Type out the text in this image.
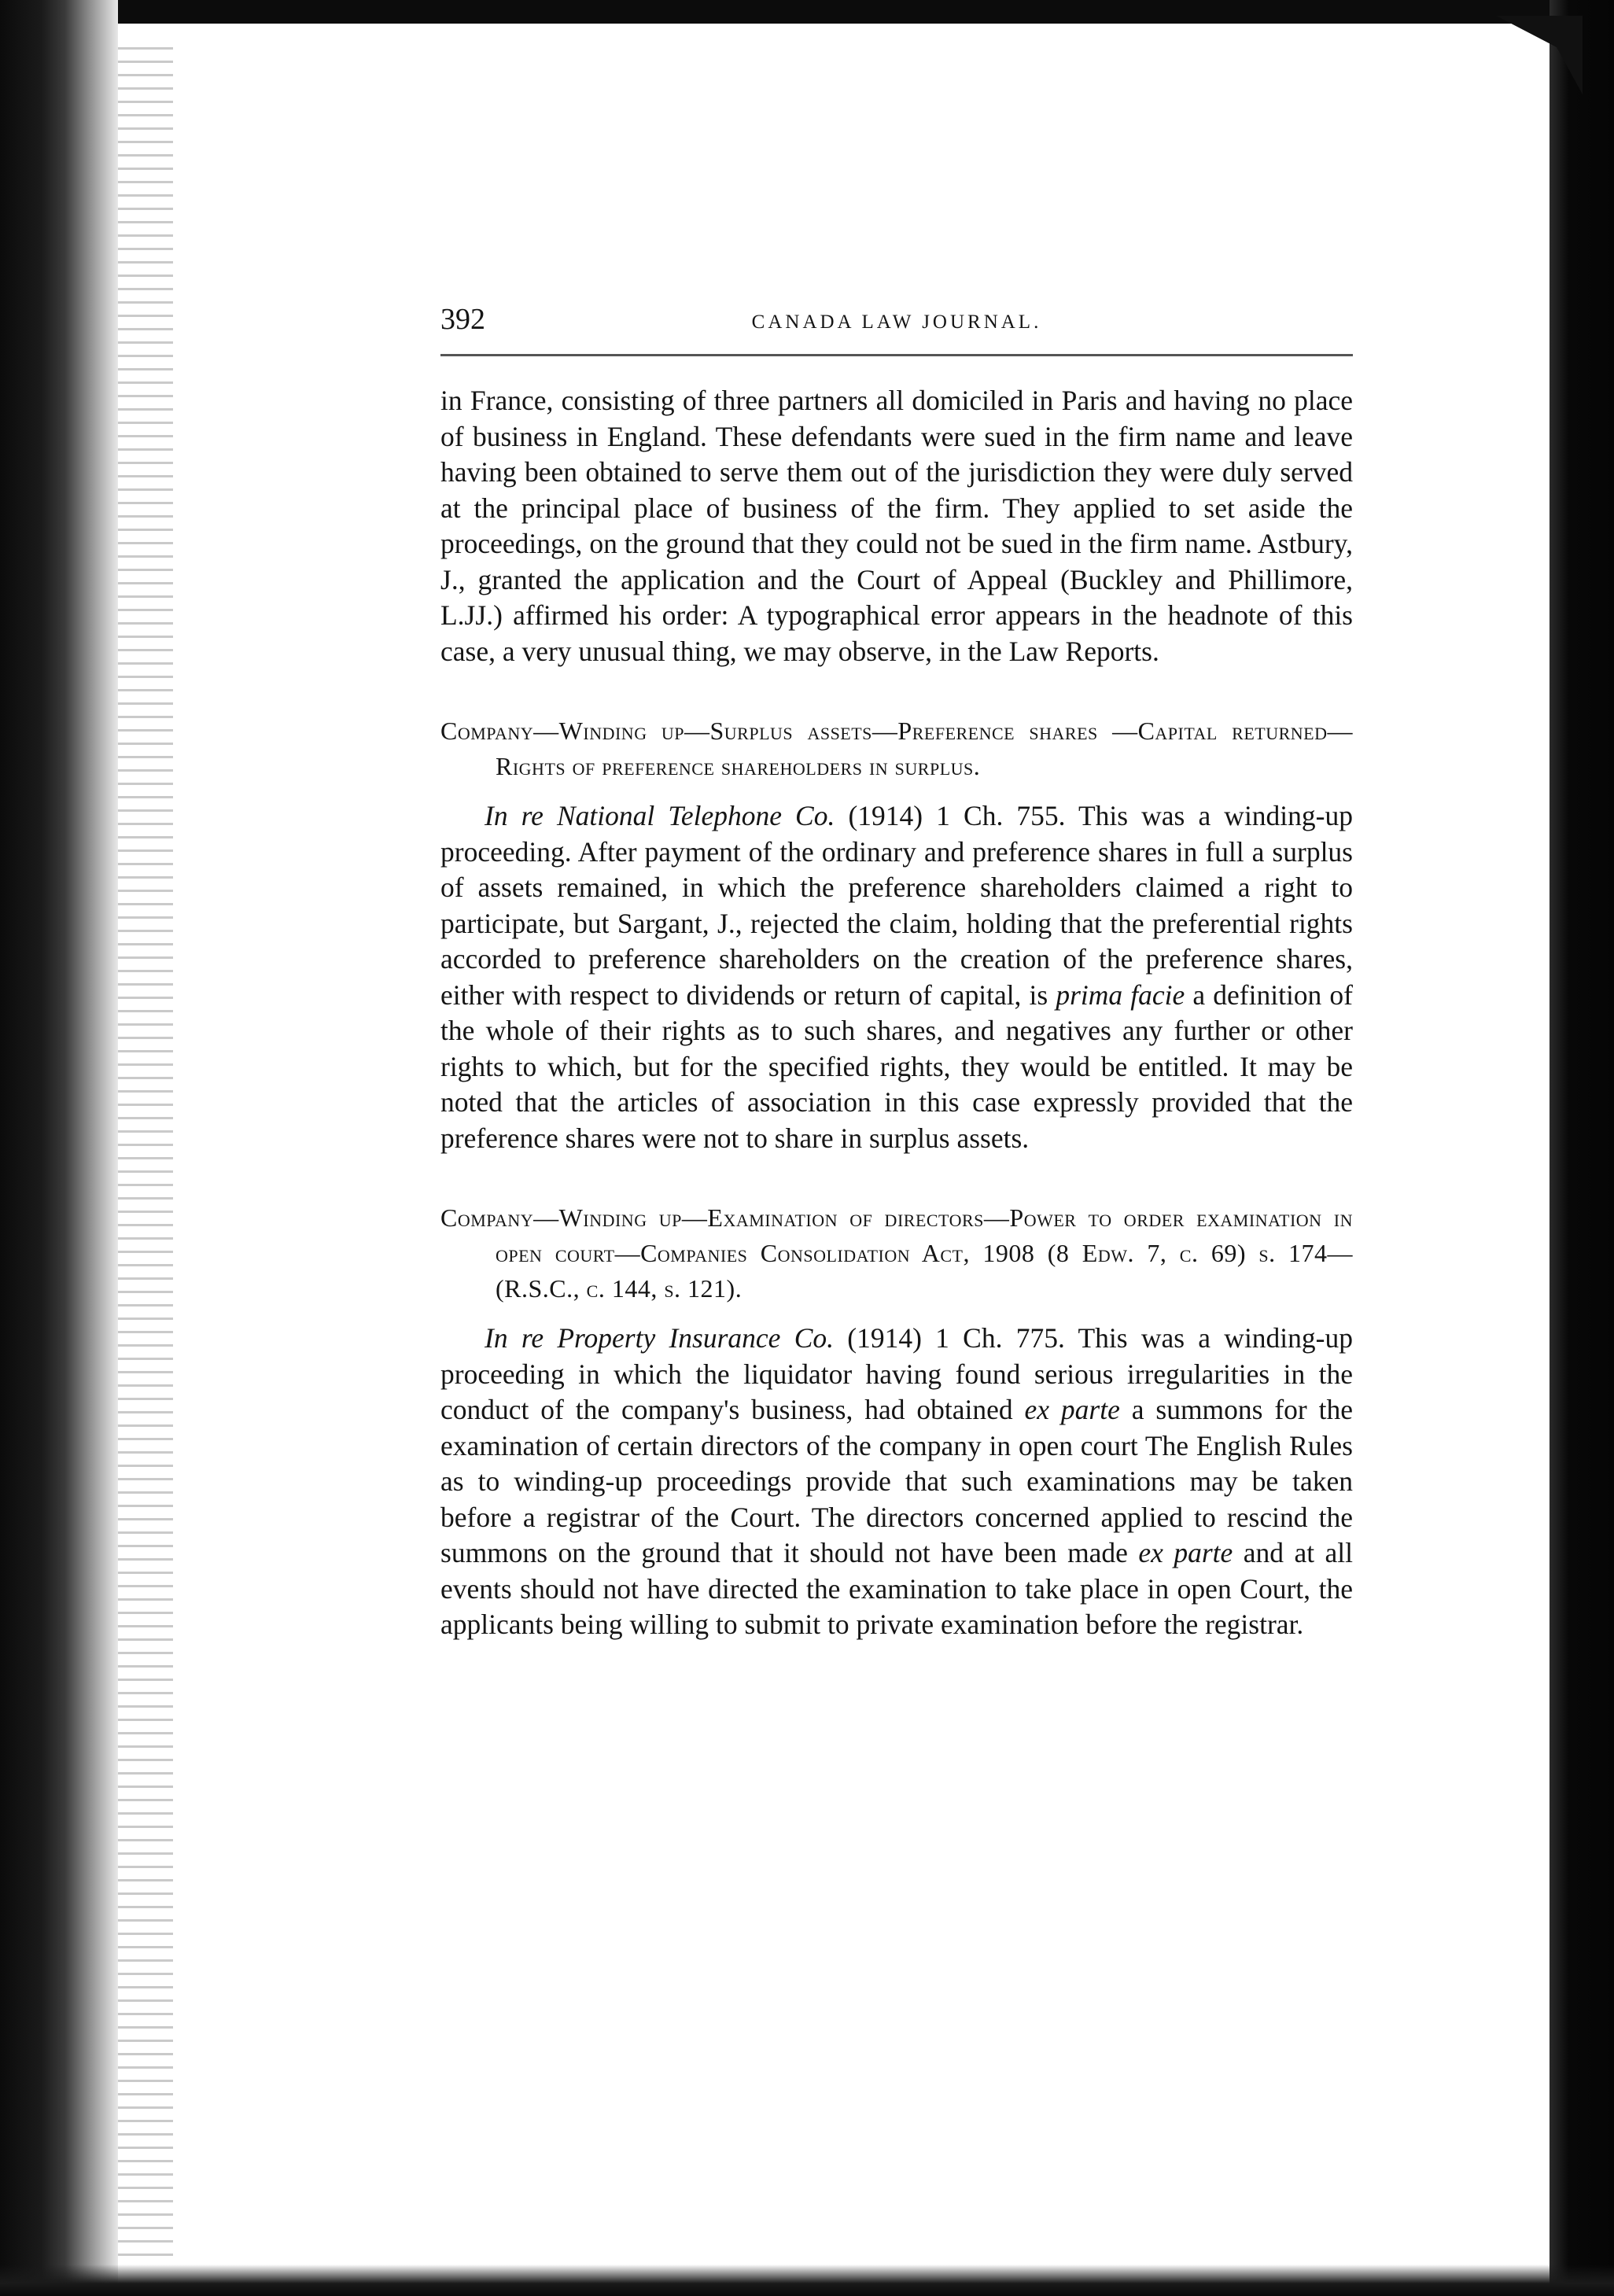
392	CANADA LAW JOURNAL.

in France, consisting of three partners all domiciled in Paris and having no place of business in England. These defendants were sued in the firm name and leave having been obtained to serve them out of the jurisdiction they were duly served at the principal place of business of the firm. They applied to set aside the proceedings, on the ground that they could not be sued in the firm name. Astbury, J., granted the application and the Court of Appeal (Buckley and Phillimore, L.JJ.) affirmed his order: A typographical error appears in the headnote of this case, a very unusual thing, we may observe, in the Law Reports.

Company—Winding up—Surplus assets—Preference shares —Capital returned—Rights of preference shareholders in surplus.

In re National Telephone Co. (1914) 1 Ch. 755. This was a winding-up proceeding. After payment of the ordinary and preference shares in full a surplus of assets remained, in which the preference shareholders claimed a right to participate, but Sargant, J., rejected the claim, holding that the preferential rights accorded to preference shareholders on the creation of the preference shares, either with respect to dividends or return of capital, is prima facie a definition of the whole of their rights as to such shares, and negatives any further or other rights to which, but for the specified rights, they would be entitled. It may be noted that the articles of association in this case expressly provided that the preference shares were not to share in surplus assets.

Company—Winding up—Examination of directors—Power to order examination in open court—Companies Consolidation Act, 1908 (8 Edw. 7, c. 69) s. 174—(R.S.C., c. 144, s. 121).

In re Property Insurance Co. (1914) 1 Ch. 775. This was a winding-up proceeding in which the liquidator having found serious irregularities in the conduct of the company's business, had obtained ex parte a summons for the examination of certain directors of the company in open court The English Rules as to winding-up proceedings provide that such examinations may be taken before a registrar of the Court. The directors concerned applied to rescind the summons on the ground that it should not have been made ex parte and at all events should not have directed the examination to take place in open Court, the applicants being willing to submit to private examination before the registrar.
